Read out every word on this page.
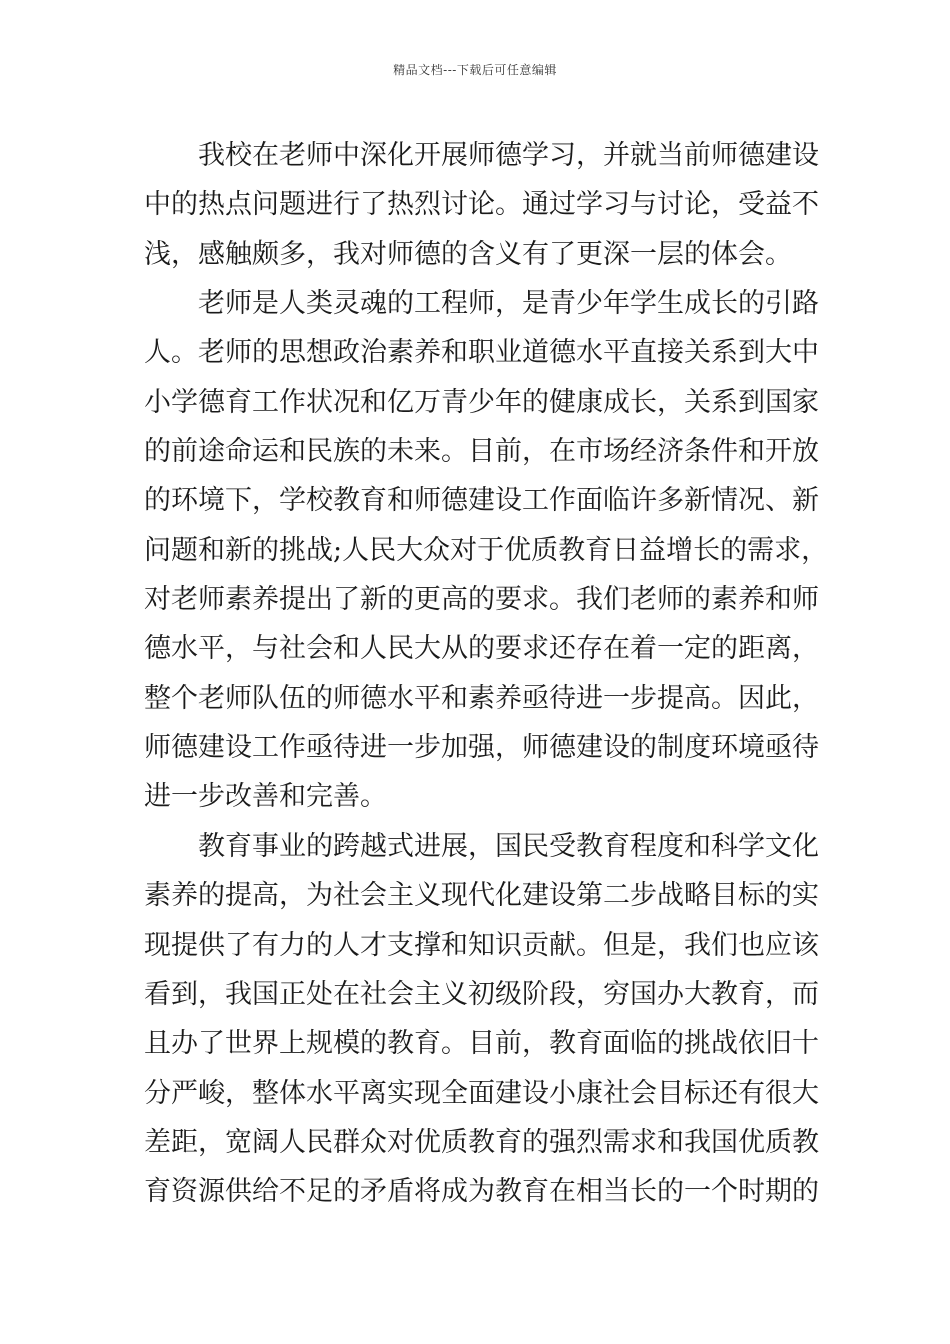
精品文档---下载后可任意编辑
我校在老师中深化开展师德学习，并就当前师德建设
中的热点问题进行了热烈讨论。通过学习与讨论，受益不
浅，感触颇多，我对师德的含义有了更深一层的体会。
老师是人类灵魂的工程师，是青少年学生成长的引路
人。老师的思想政治素养和职业道德水平直接关系到大中
小学德育工作状况和亿万青少年的健康成长，关系到国家
的前途命运和民族的未来。目前，在市场经济条件和开放
的环境下，学校教育和师德建设工作面临许多新情况、新
问题和新的挑战;人民大众对于优质教育日益增长的需求，
对老师素养提出了新的更高的要求。我们老师的素养和师
德水平，与社会和人民大从的要求还存在着一定的距离，
整个老师队伍的师德水平和素养亟待进一步提高。因此，
师德建设工作亟待进一步加强，师德建设的制度环境亟待
进一步改善和完善。
教育事业的跨越式进展，国民受教育程度和科学文化
素养的提高，为社会主义现代化建设第二步战略目标的实
现提供了有力的人才支撑和知识贡献。但是，我们也应该
看到，我国正处在社会主义初级阶段，穷国办大教育，而
且办了世界上规模的教育。目前，教育面临的挑战依旧十
分严峻，整体水平离实现全面建设小康社会目标还有很大
差距，宽阔人民群众对优质教育的强烈需求和我国优质教
育资源供给不足的矛盾将成为教育在相当长的一个时期的
